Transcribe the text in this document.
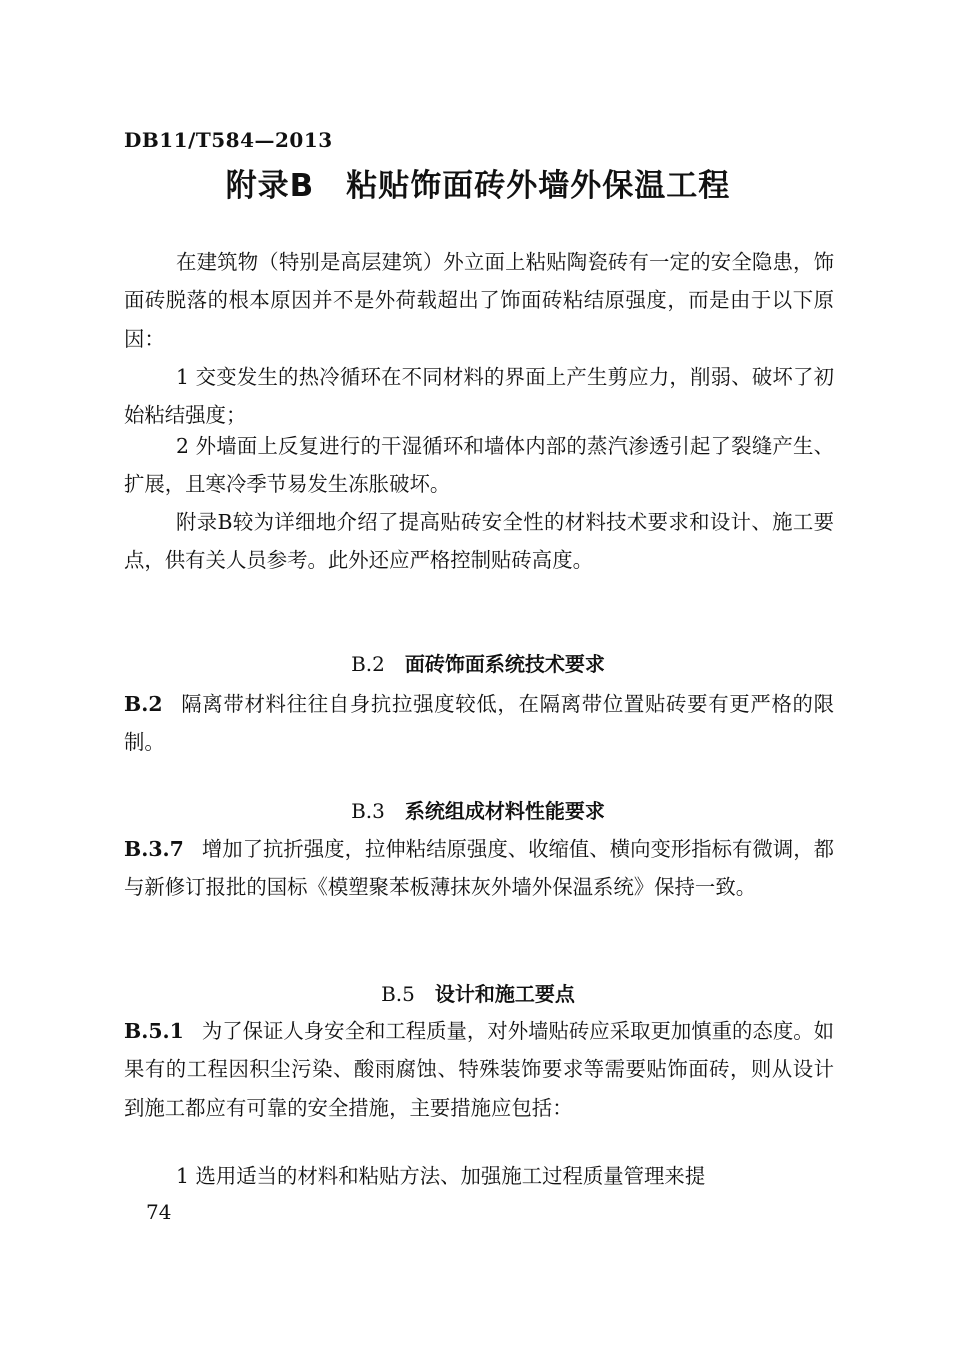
DB11/T584—2013
附录B　粘贴饰面砖外墙外保温工程
在建筑物（特别是高层建筑）外立面上粘贴陶瓷砖有一定的安全隐患，饰面砖脱落的根本原因并不是外荷载超出了饰面砖粘结原强度，而是由于以下原因：
1 交变发生的热冷循环在不同材料的界面上产生剪应力，削弱、破坏了初始粘结强度；
2 外墙面上反复进行的干湿循环和墙体内部的蒸汽渗透引起了裂缝产生、扩展，且寒冷季节易发生冻胀破坏。
附录B较为详细地介绍了提高贴砖安全性的材料技术要求和设计、施工要点，供有关人员参考。此外还应严格控制贴砖高度。
B.2 面砖饰面系统技术要求
B.2 隔离带材料往往自身抗拉强度较低，在隔离带位置贴砖要有更严格的限制。
B.3 系统组成材料性能要求
B.3.7 增加了抗折强度，拉伸粘结原强度、收缩值、横向变形指标有微调，都与新修订报批的国标《模塑聚苯板薄抹灰外墙外保温系统》保持一致。
B.5 设计和施工要点
B.5.1 为了保证人身安全和工程质量，对外墙贴砖应采取更加慎重的态度。如果有的工程因积尘污染、酸雨腐蚀、特殊装饰要求等需要贴饰面砖，则从设计到施工都应有可靠的安全措施，主要措施应包括：
1 选用适当的材料和粘贴方法、加强施工过程质量管理来提
74
